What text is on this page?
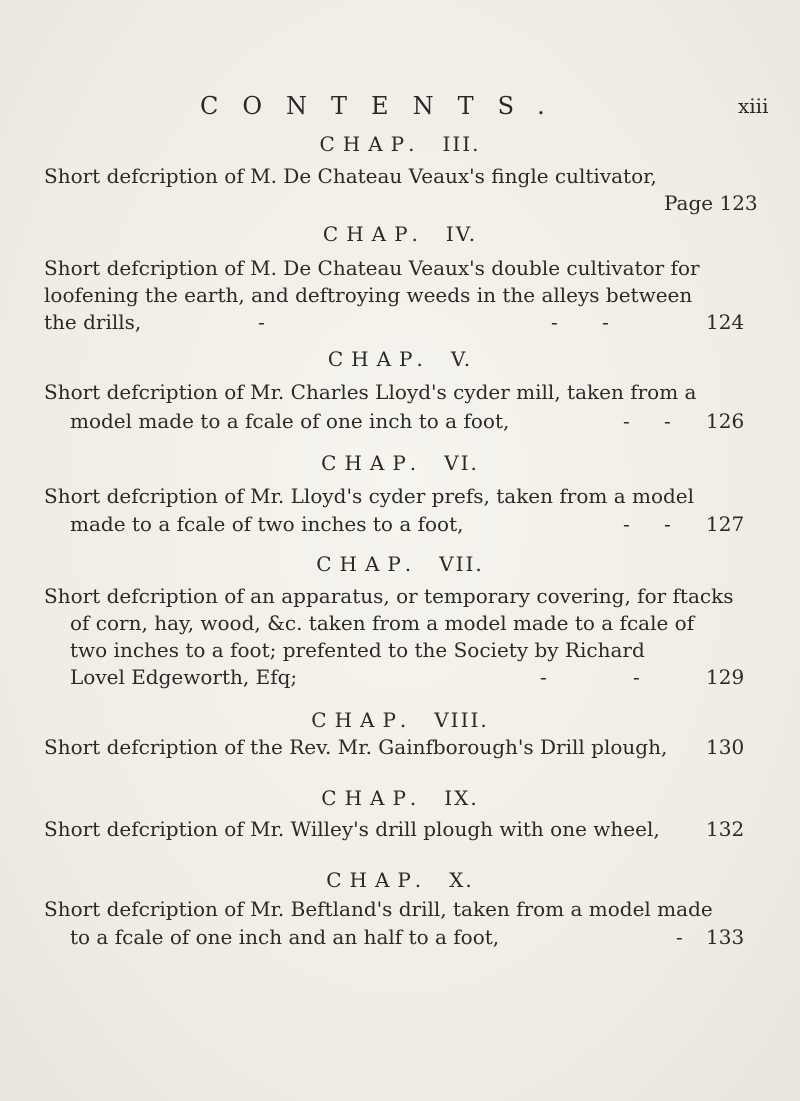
CONTENTS.	xiii
CHAP. III.
Short defcription of M. De Chateau Veaux's fingle cultivator,
Page 123
CHAP. IV.
Short defcription of M. De Chateau Veaux's double cultivator for
loofening the earth, and deftroying weeds in the alleys between
the drills,	-	- -	124
CHAP. V.
Short defcription of Mr. Charles Lloyd's cyder mill, taken from a
model made to a fcale of one inch to a foot,	- - 126
CHAP. VI.
Short defcription of Mr. Lloyd's cyder prefs, taken from a model
made to a fcale of two inches to a foot,	- - 127
CHAP. VII.
Short defcription of an apparatus, or temporary covering, for ftacks
of corn, hay, wood, &c. taken from a model made to a fcale of
two inches to a foot; prefented to the Society by Richard
Lovel Edgeworth, Efq;	-	-	129
CHAP. VIII.
Short defcription of the Rev. Mr. Gainfborough's Drill plough, 130
CHAP. IX.
Short defcription of Mr. Willey's drill plough with one wheel, 132
CHAP. X.
Short defcription of Mr. Beftland's drill, taken from a model made
to a fcale of one inch and an half to a foot,	- 133
